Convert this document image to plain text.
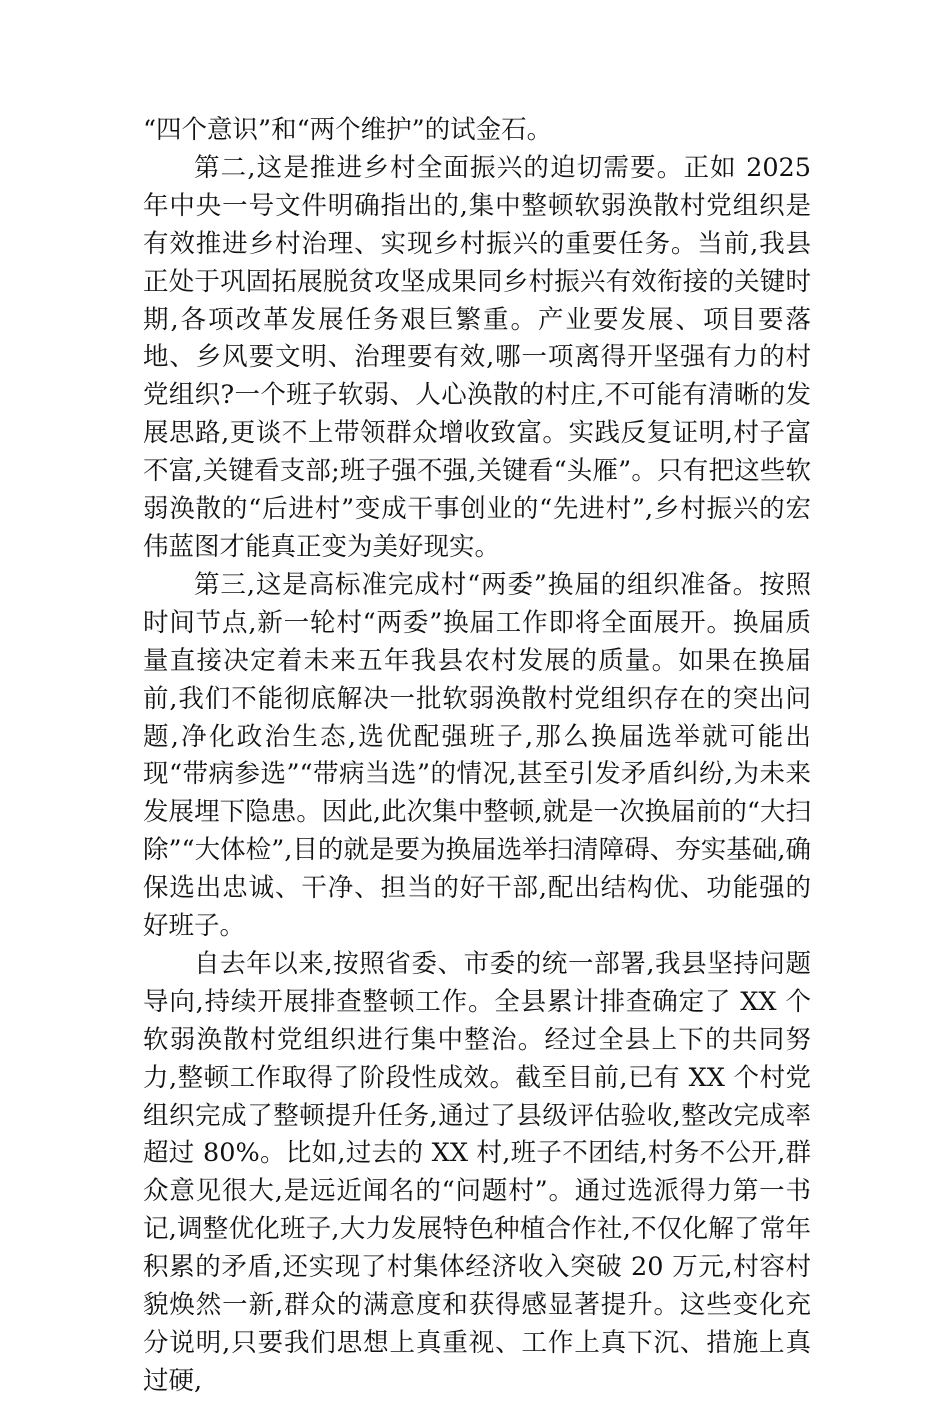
“四个意识”和“两个维护”的试金石。

第二,这是推进乡村全面振兴的迫切需要。正如 2025 年中央一号文件明确指出的,集中整顿软弱涣散村党组织是有效推进乡村治理、实现乡村振兴的重要任务。当前,我县正处于巩固拓展脱贫攻坚成果同乡村振兴有效衔接的关键时期,各项改革发展任务艰巨繁重。产业要发展、项目要落地、乡风要文明、治理要有效,哪一项离得开坚强有力的村党组织?一个班子软弱、人心涣散的村庄,不可能有清晰的发展思路,更谈不上带领群众增收致富。实践反复证明,村子富不富,关键看支部;班子强不强,关键看“头雁”。只有把这些软弱涣散的“后进村”变成干事创业的“先进村”,乡村振兴的宏伟蓝图才能真正变为美好现实。

第三,这是高标准完成村“两委”换届的组织准备。按照时间节点,新一轮村“两委”换届工作即将全面展开。换届质量直接决定着未来五年我县农村发展的质量。如果在换届前,我们不能彻底解决一批软弱涣散村党组织存在的突出问题,净化政治生态,选优配强班子,那么换届选举就可能出现“带病参选”“带病当选”的情况,甚至引发矛盾纠纷,为未来发展埋下隐患。因此,此次集中整顿,就是一次换届前的“大扫除”“大体检”,目的就是要为换届选举扫清障碍、夯实基础,确保选出忠诚、干净、担当的好干部,配出结构优、功能强的好班子。

自去年以来,按照省委、市委的统一部署,我县坚持问题导向,持续开展排查整顿工作。全县累计排查确定了 XX 个软弱涣散村党组织进行集中整治。经过全县上下的共同努力,整顿工作取得了阶段性成效。截至目前,已有 XX 个村党组织完成了整顿提升任务,通过了县级评估验收,整改完成率超过 80%。比如,过去的 XX 村,班子不团结,村务不公开,群众意见很大,是远近闻名的“问题村”。通过选派得力第一书记,调整优化班子,大力发展特色种植合作社,不仅化解了常年积累的矛盾,还实现了村集体经济收入突破 20 万元,村容村貌焕然一新,群众的满意度和获得感显著提升。这些变化充分说明,只要我们思想上真重视、工作上真下沉、措施上真过硬,
